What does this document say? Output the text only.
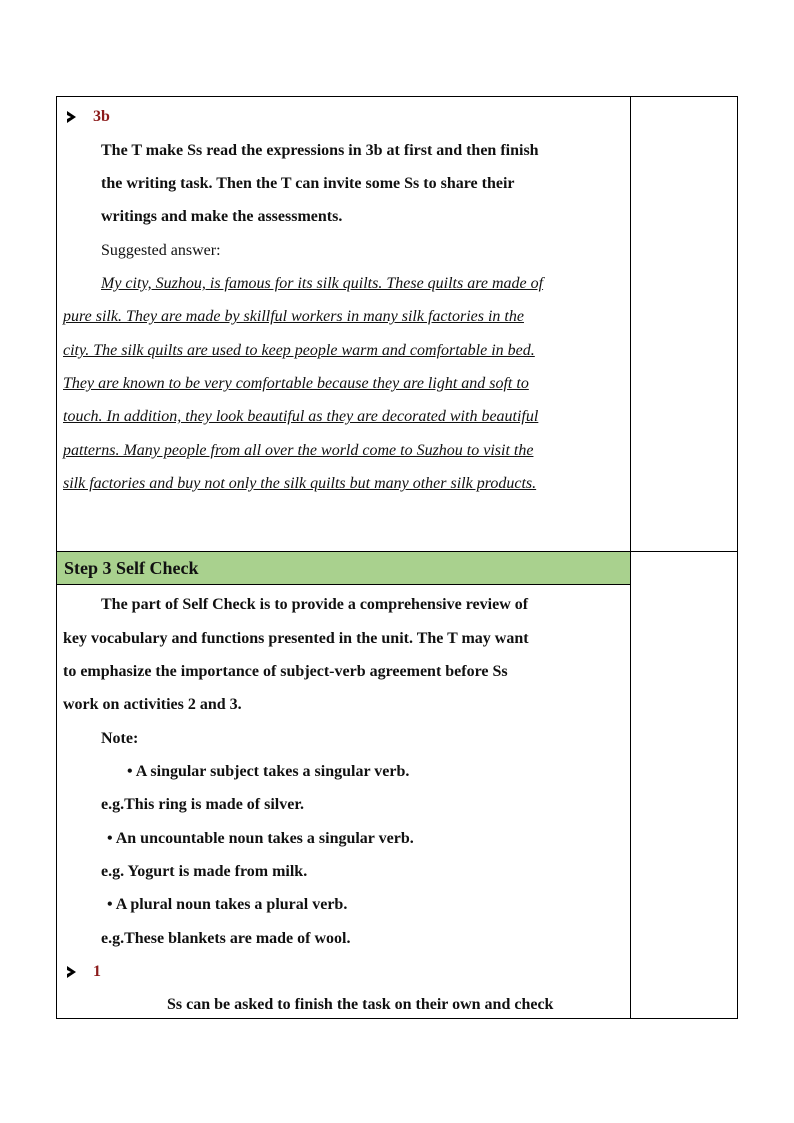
3b
The T make Ss read the expressions in 3b at first and then finish
the writing task. Then the T can invite some Ss to share their
writings and make the assessments.
Suggested answer:
My city, Suzhou, is famous for its silk quilts. These quilts are made of
pure silk. They are made by skillful workers in many silk factories in the
city. The silk quilts are used to keep people warm and comfortable in bed.
They are known to be very comfortable because they are light and soft to
touch. In addition, they look beautiful as they are decorated with beautiful
patterns. Many people from all over the world come to Suzhou to visit the
silk factories and buy not only the silk quilts but many other silk products.
Step 3 Self Check
The part of Self Check is to provide a comprehensive review of
key vocabulary and functions presented in the unit. The T may want
to emphasize the importance of subject-verb agreement before Ss
work on activities 2 and 3.
Note:
• A singular subject takes a singular verb.
e.g.This ring is made of silver.
• An uncountable noun takes a singular verb.
e.g. Yogurt is made from milk.
• A plural noun takes a plural verb.
e.g.These blankets are made of wool.
1
Ss can be asked to finish the task on their own and check
